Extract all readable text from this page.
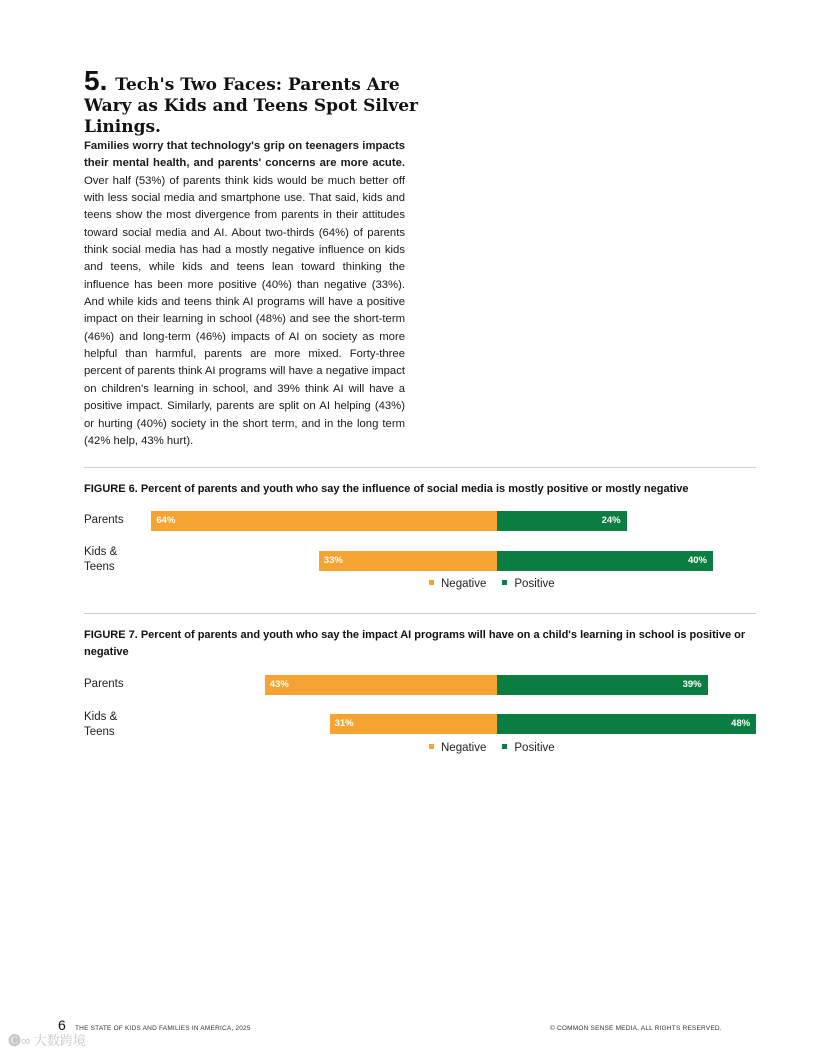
5. Tech's Two Faces: Parents Are Wary as Kids and Teens Spot Silver Linings.
Families worry that technology's grip on teenagers impacts their mental health, and parents' concerns are more acute. Over half (53%) of parents think kids would be much better off with less social media and smartphone use. That said, kids and teens show the most divergence from parents in their attitudes toward social media and AI. About two-thirds (64%) of parents think social media has had a mostly negative influence on kids and teens, while kids and teens lean toward thinking the influence has been more positive (40%) than negative (33%). And while kids and teens think AI programs will have a positive impact on their learning in school (48%) and see the short-term (46%) and long-term (46%) impacts of AI on society as more helpful than harmful, parents are more mixed. Forty-three percent of parents think AI programs will have a negative impact on children's learning in school, and 39% think AI will have a positive impact. Similarly, parents are split on AI helping (43%) or hurting (40%) society in the short term, and in the long term (42% help, 43% hurt).
FIGURE 6. Percent of parents and youth who say the influence of social media is mostly positive or mostly negative
FIGURE 7. Percent of parents and youth who say the impact AI programs will have on a child's learning in school is positive or negative
6 THE STATE OF KIDS AND FAMILIES IN AMERICA, 2025	© COMMON SENSE MEDIA. ALL RIGHTS RESERVED.
🅒∞ 大数跨境
Parents	64%	24%
Kids & Teens
33%	40%
Negative Positive
Parents	43%	39%
Kids & Teens
31%	48%
Negative Positive
